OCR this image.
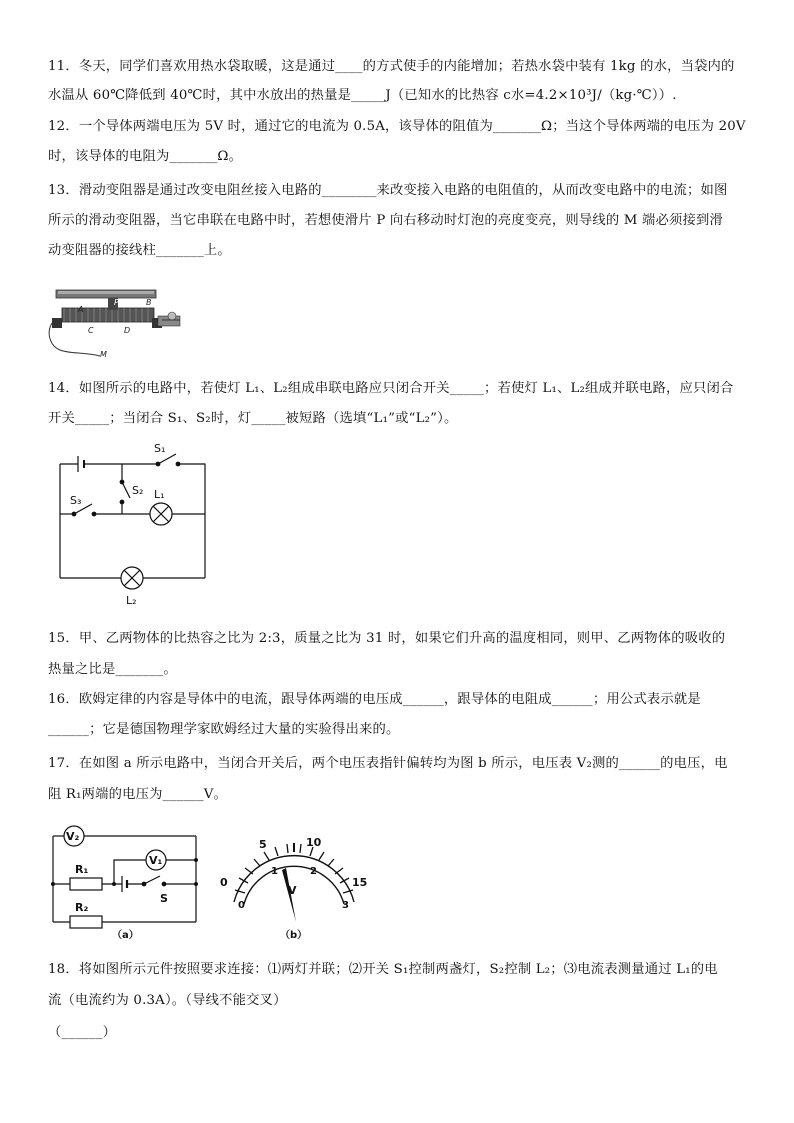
11．冬天，同学们喜欢用热水袋取暖，这是通过____的方式使手的内能增加；若热水袋中装有 1kg 的水，当袋内的
水温从 60℃降低到 40℃时，其中水放出的热量是_____J（已知水的比热容 c水=4.2×10³J/（kg·℃））.
12．一个导体两端电压为 5V 时，通过它的电流为 0.5A，该导体的阻值为_______Ω；当这个导体两端的电压为 20V
时，该导体的电阻为_______Ω。
13．滑动变阻器是通过改变电阻丝接入电路的________来改变接入电路的电阻值的，从而改变电路中的电流；如图
所示的滑动变阻器，当它串联在电路中时，若想使滑片 P 向右移动时灯泡的亮度变亮，则导线的 M 端必须接到滑
动变阻器的接线柱_______上。
A
P	B
C	D
M
14．如图所示的电路中，若使灯 L₁、L₂组成串联电路应只闭合开关_____；若使灯 L₁、L₂组成并联电路，应只闭合
开关_____；当闭合 S₁、S₂时，灯_____被短路（选填“L₁”或“L₂”）。
S₁
S₂
S₃	L₁
L₂
15．甲、乙两物体的比热容之比为 2:3，质量之比为 31 时，如果它们升高的温度相同，则甲、乙两物体的吸收的
热量之比是_______。
16．欧姆定律的内容是导体中的电流，跟导体两端的电压成______，跟导体的电阻成______；用公式表示就是
______；它是德国物理学家欧姆经过大量的实验得出来的。
17．在如图 a 所示电路中，当闭合开关后，两个电压表指针偏转均为图 b 所示，电压表 V₂测的______的电压，电
阻 R₁两端的电压为______V。
V₂
V₁
R₁
R₂
S
（a）
0
5	10
15
0
1	2
3
V
（b）
18．将如图所示元件按照要求连接：⑴两灯并联；⑵开关 S₁控制两盏灯，S₂控制 L₂；⑶电流表测量通过 L₁的电
流（电流约为 0.3A）。（导线不能交叉）
（______）
